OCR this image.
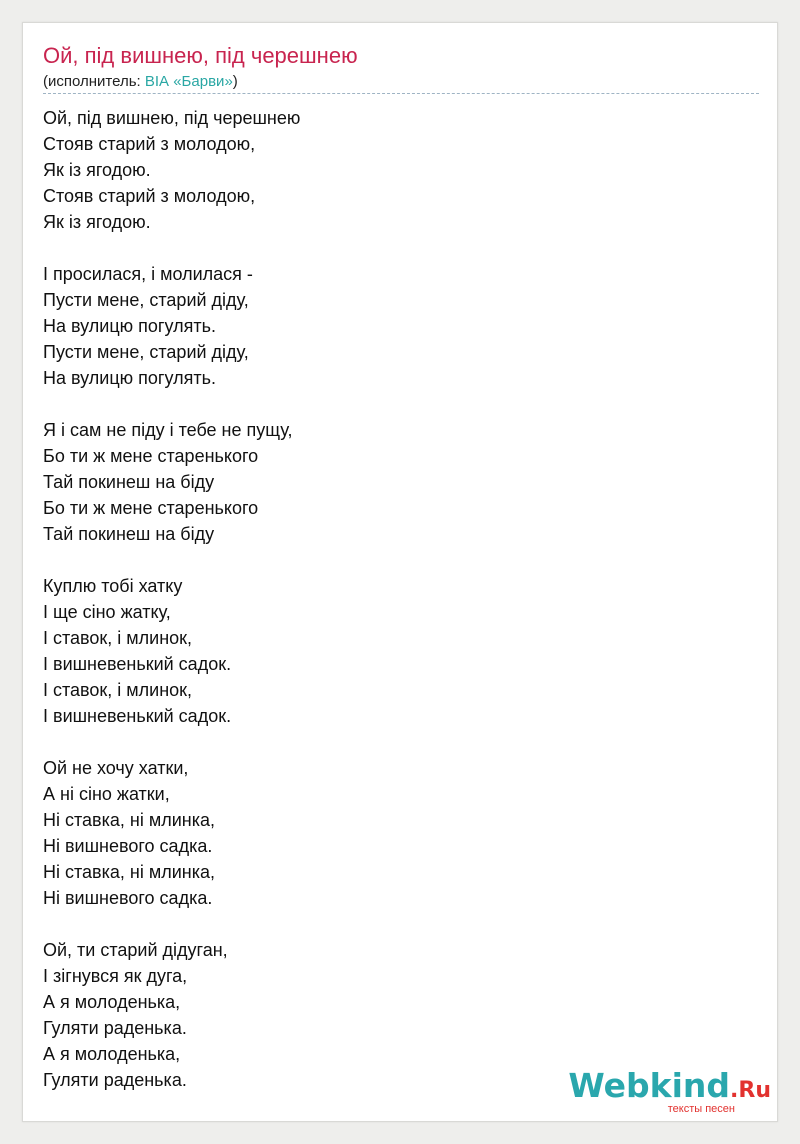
Ой, під вишнею, під черешнею
(исполнитель: ВІА «Барви»)
Ой, під вишнею, під черешнею
Стояв старий з молодою,
Як із ягодою.
Стояв старий з молодою,
Як із ягодою.
І просилася, і молилася -
Пусти мене, старий діду,
На вулицю погулять.
Пусти мене, старий діду,
На вулицю погулять.
Я і сам не піду і тебе не пущу,
Бо ти ж мене старенького
Тай покинеш на біду
Бо ти ж мене старенького
Тай покинеш на біду
Куплю тобі хатку
І ще сіно жатку,
І ставок, і млинок,
І вишневенький садок.
І ставок, і млинок,
І вишневенький садок.
Ой не хочу хатки,
А ні сіно жатки,
Ні ставка, ні млинка,
Ні вишневого садка.
Ні ставка, ні млинка,
Ні вишневого садка.
Ой, ти старий дідуган,
І зігнувся як дуга,
А я молоденька,
Гуляти раденька.
А я молоденька,
Гуляти раденька.	Webkind.Ru
тексты песен
